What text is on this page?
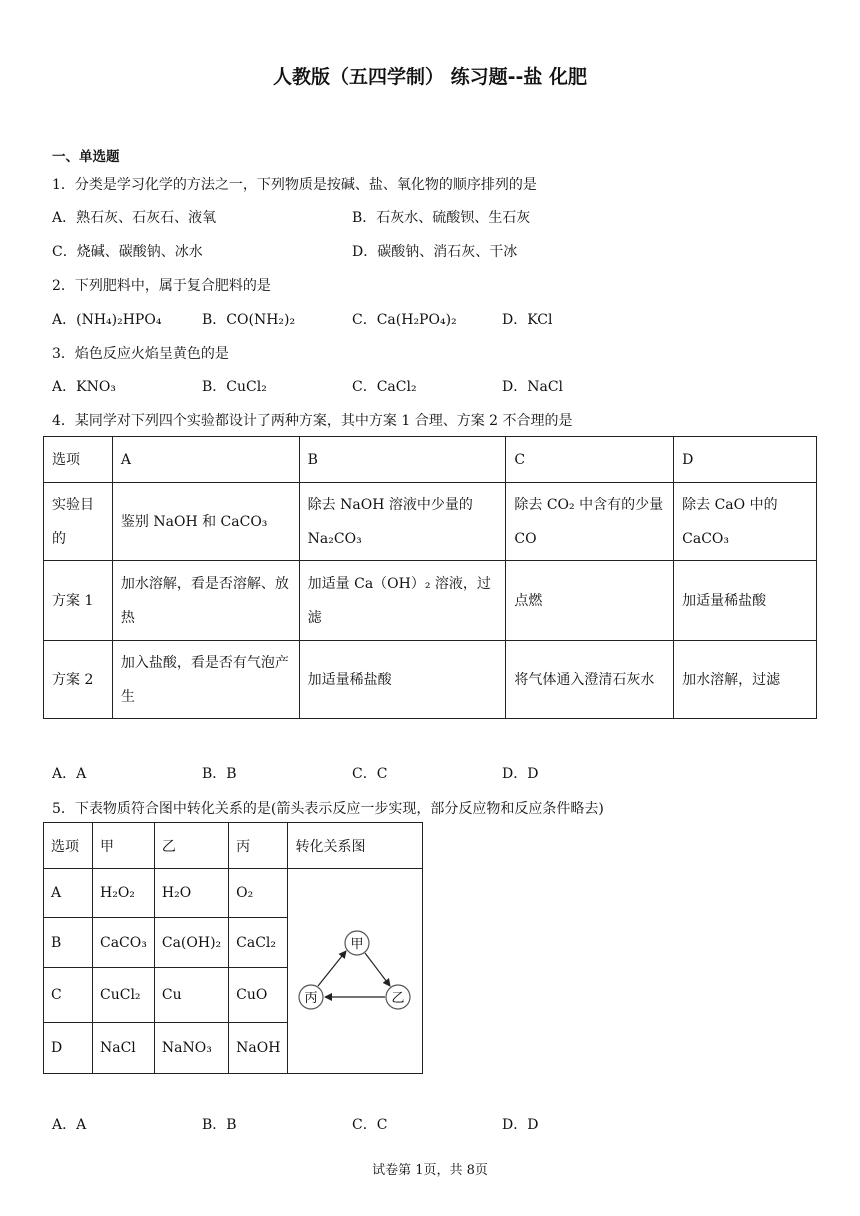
人教版（五四学制） 练习题--盐 化肥
一、单选题
1．分类是学习化学的方法之一，下列物质是按碱、盐、氧化物的顺序排列的是
A．熟石灰、石灰石、液氧	B．石灰水、硫酸钡、生石灰
C．烧碱、碳酸钠、冰水	D．碳酸钠、消石灰、干冰
2．下列肥料中，属于复合肥料的是
A．(NH₄)₂HPO₄	B．CO(NH₂)₂	C．Ca(H₂PO₄)₂	D．KCl
3．焰色反应火焰呈黄色的是
A．KNO₃	B．CuCl₂	C．CaCl₂	D．NaCl
4．某同学对下列四个实验都设计了两种方案，其中方案 1 合理、方案 2 不合理的是
选项	A	B	C	D
实验目的	鉴别 NaOH 和 CaCO₃	除去 NaOH 溶液中少量的 Na₂CO₃	除去 CO₂ 中含有的少量 CO	除去 CaO 中的 CaCO₃
方案 1	加水溶解，看是否溶解、放热	加适量 Ca（OH）₂ 溶液，过滤	点燃	加适量稀盐酸
方案 2	加入盐酸，看是否有气泡产生	加适量稀盐酸	将气体通入澄清石灰水	加水溶解，过滤
A．A	B．B	C．C	D．D
5．下表物质符合图中转化关系的是(箭头表示反应一步实现，部分反应物和反应条件略去)
选项	甲	乙	丙	转化关系图
A	H₂O₂	H₂O	O₂	甲
乙
丙

B	CaCO₃	Ca(OH)₂	CaCl₂	
C	CuCl₂	Cu	CuO	
D	NaCl	NaNO₃	NaOH	
A．A	B．B	C．C	D．D
试卷第 1页，共 8页
